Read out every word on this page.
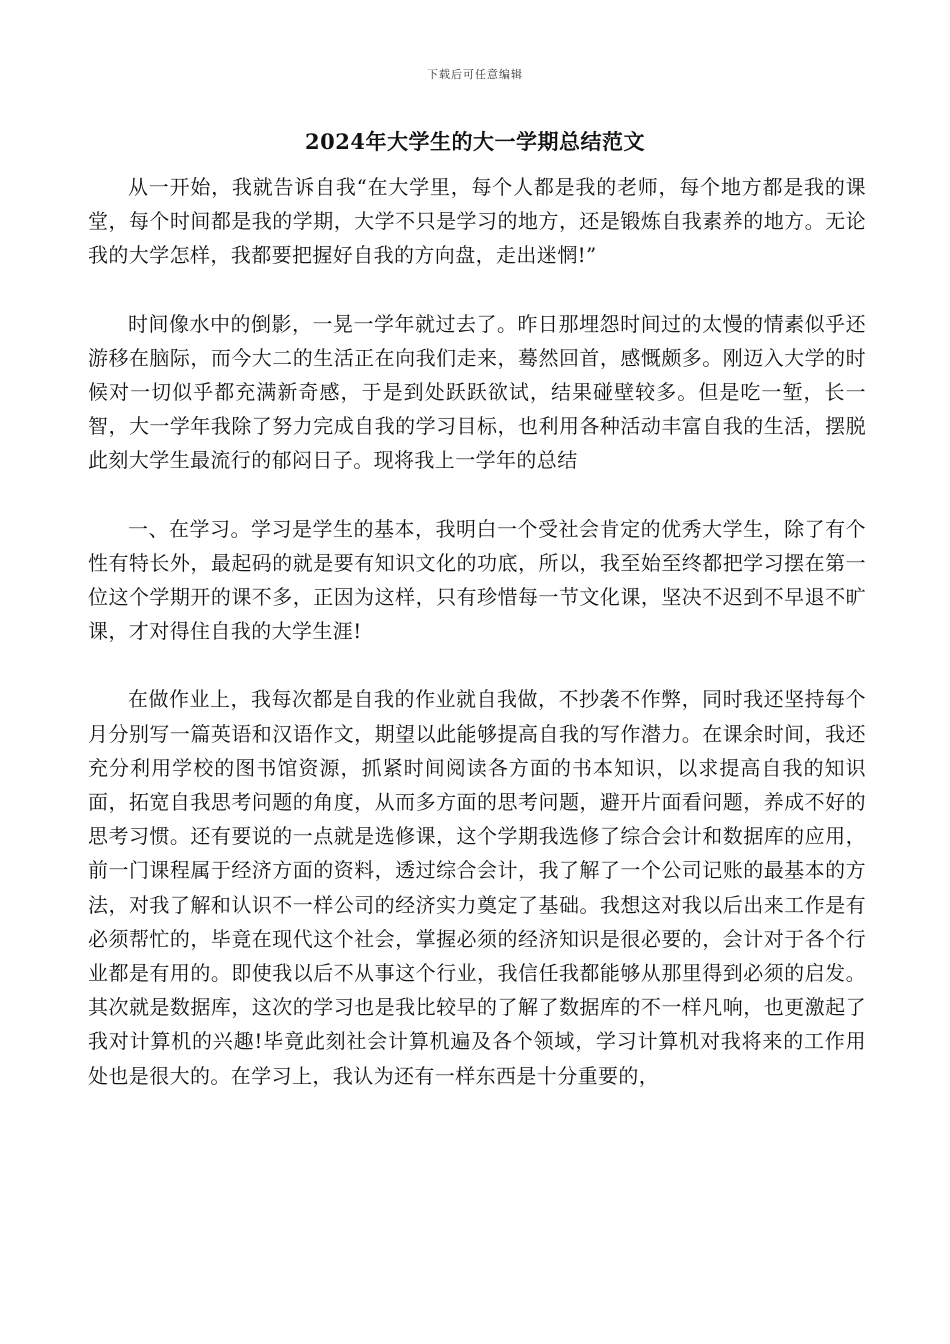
下载后可任意编辑
2024年大学生的大一学期总结范文

从一开始，我就告诉自我“在大学里，每个人都是我的老师，每个地方都是我的课堂，每个时间都是我的学期，大学不只是学习的地方，还是锻炼自我素养的地方。无论我的大学怎样，我都要把握好自我的方向盘，走出迷惘!”

时间像水中的倒影，一晃一学年就过去了。昨日那埋怨时间过的太慢的情素似乎还游移在脑际，而今大二的生活正在向我们走来，蓦然回首，感慨颇多。刚迈入大学的时候对一切似乎都充满新奇感，于是到处跃跃欲试，结果碰壁较多。但是吃一堑，长一智，大一学年我除了努力完成自我的学习目标，也利用各种活动丰富自我的生活，摆脱此刻大学生最流行的郁闷日子。现将我上一学年的总结

一、在学习。学习是学生的基本，我明白一个受社会肯定的优秀大学生，除了有个性有特长外，最起码的就是要有知识文化的功底，所以，我至始至终都把学习摆在第一位这个学期开的课不多，正因为这样，只有珍惜每一节文化课，坚决不迟到不早退不旷课，才对得住自我的大学生涯!

在做作业上，我每次都是自我的作业就自我做，不抄袭不作弊，同时我还坚持每个月分别写一篇英语和汉语作文，期望以此能够提高自我的写作潜力。在课余时间，我还充分利用学校的图书馆资源，抓紧时间阅读各方面的书本知识，以求提高自我的知识面，拓宽自我思考问题的角度，从而多方面的思考问题，避开片面看问题，养成不好的思考习惯。还有要说的一点就是选修课，这个学期我选修了综合会计和数据库的应用，前一门课程属于经济方面的资料，透过综合会计，我了解了一个公司记账的最基本的方法，对我了解和认识不一样公司的经济实力奠定了基础。我想这对我以后出来工作是有必须帮忙的，毕竟在现代这个社会，掌握必须的经济知识是很必要的，会计对于各个行业都是有用的。即使我以后不从事这个行业，我信任我都能够从那里得到必须的启发。其次就是数据库，这次的学习也是我比较早的了解了数据库的不一样凡响，也更激起了我对计算机的兴趣!毕竟此刻社会计算机遍及各个领域，学习计算机对我将来的工作用处也是很大的。在学习上，我认为还有一样东西是十分重要的，
